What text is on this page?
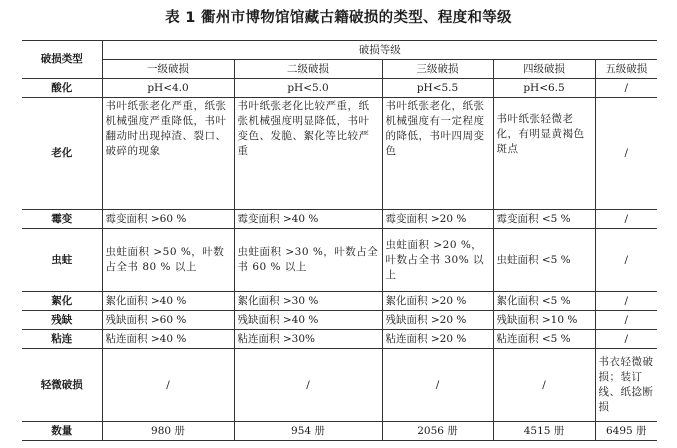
表 1 衢州市博物馆馆藏古籍破损的类型、程度和等级
破损类型	破损等级				
	一级破损	二级破损	三级破损	四级破损	五级破损
酸化	pH<4.0	pH<5.0	pH<5.5	pH<6.5	/
老化	书叶纸张老化严重，纸张机械强度严重降低，书叶翻动时出现掉渣、裂口、破碎的现象	书叶纸张老化比较严重，纸张机械强度明显降低，书叶变色、发脆、絮化等比较严重	书叶纸张老化，纸张机械强度有一定程度的降低，书叶四周变色	书叶纸张轻微老化，有明显黄褐色斑点	/
霉变	霉变面积 >60 %	霉变面积 >40 %	霉变面积 >20 %	霉变面积 <5 %	/
虫蛀	虫蛀面积 >50 %，叶数占全书 80 % 以上	虫蛀面积 >30 %，叶数占全书 60 % 以上	虫蛀面积 >20 %，叶数占全书 30% 以上	虫蛀面积 <5 %	/
絮化	絮化面积 >40 %	絮化面积 >30 %	絮化面积 >20 %	絮化面积 <5 %	/
残缺	残缺面积 >60 %	残缺面积 >40 %	残缺面积 >20 %	残缺面积 >10 %	/
粘连	粘连面积 >40 %	粘连面积 >30%	粘连面积 >20 %	粘连面积 <5 %	/
轻微破损	/	/	/	/	书衣轻微破损；装订线、纸捻断损
数量	980 册	954 册	2056 册	4515 册	6495 册
